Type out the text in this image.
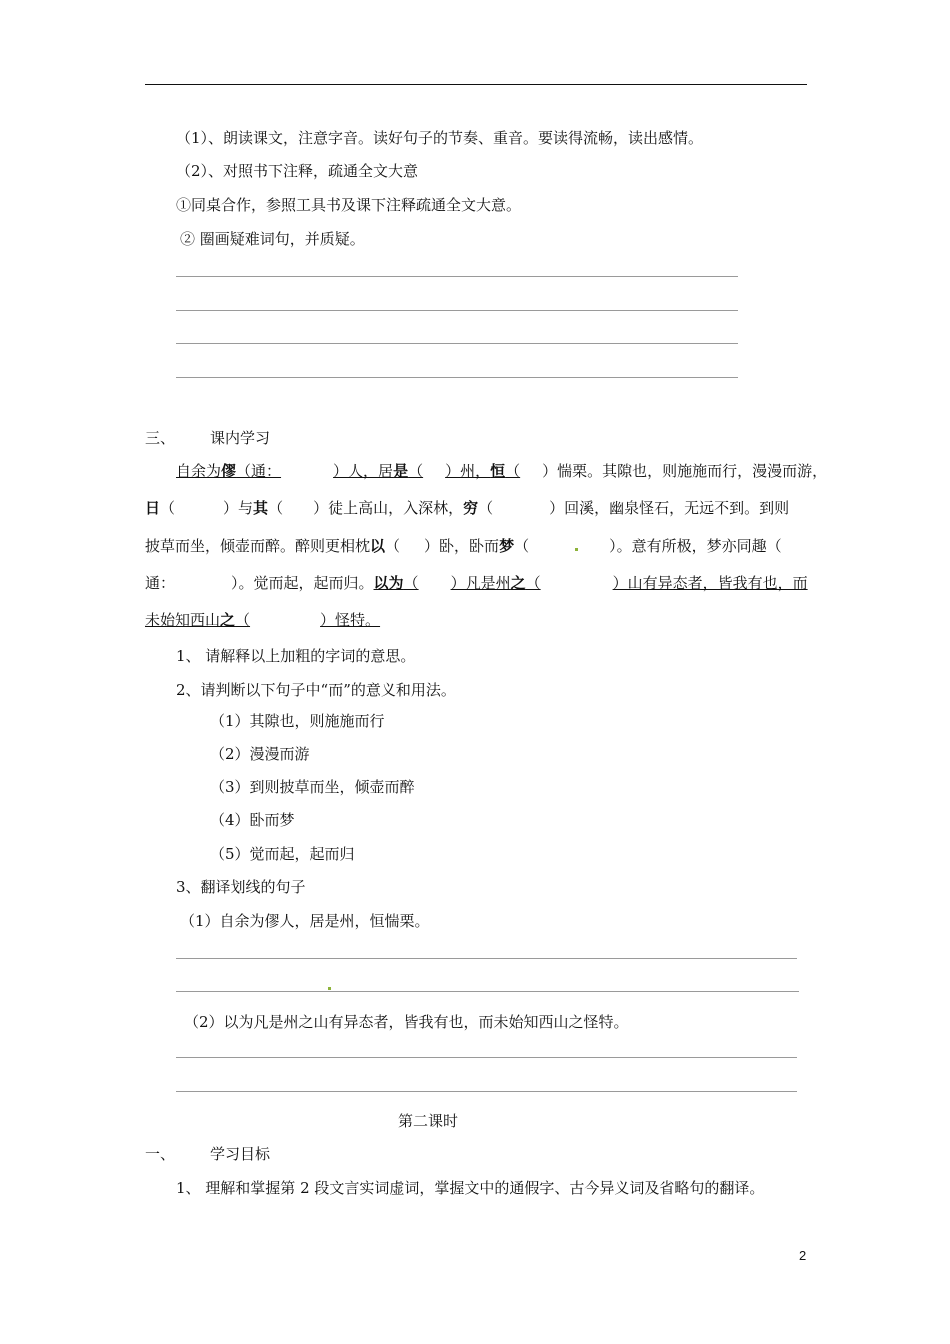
（1）、朗读课文，注意字音。读好句子的节奏、重音。要读得流畅，读出感情。
（2）、对照书下注释，疏通全文大意
①同桌合作，参照工具书及课下注释疏通全文大意。
② 圈画疑难词句，并质疑。
三、 课内学习
自余为僇（通：	）人，居是（ ）州，恒（ ）惴栗。其隙也，则施施而行，漫漫而游，
日（	）与其（ ）徒上高山，入深林，穷（	）回溪，幽泉怪石，无远不到。到则
披草而坐，倾壶而醉。醉则更相枕以（ ）卧，卧而梦（	）。意有所极，梦亦同趣（
通：	）。觉而起，起而归。以为（ ）凡是州之（	）山有异态者，皆我有也，而
未始知西山之（	）怪特。
1、 请解释以上加粗的字词的意思。
2、请判断以下句子中“而”的意义和用法。
（1）其隙也，则施施而行
（2）漫漫而游
（3）到则披草而坐，倾壶而醉
（4）卧而梦
（5）觉而起，起而归
3、翻译划线的句子
（1）自余为僇人，居是州，恒惴栗。
（2）以为凡是州之山有异态者，皆我有也，而未始知西山之怪特。
第二课时
一、 学习目标
1、 理解和掌握第 2 段文言实词虚词，掌握文中的通假字、古今异义词及省略句的翻译。
2
